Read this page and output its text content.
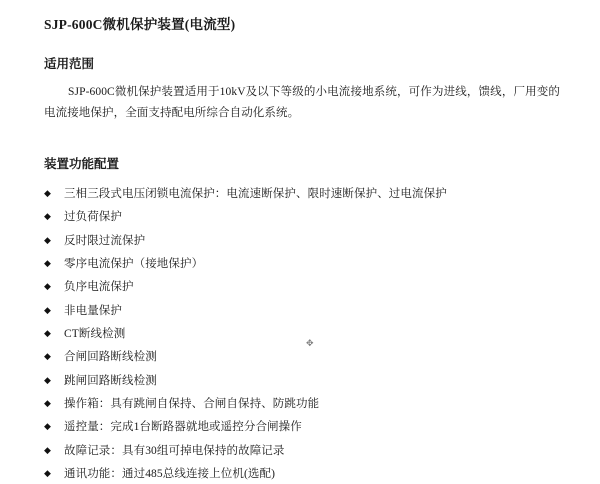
SJP-600C微机保护装置(电流型)
适用范围

SJP-600C微机保护装置适用于10kV及以下等级的小电流接地系统，可作为进线，馈线，厂用变的电流接地保护，全面支持配电所综合自动化系统。

装置功能配置
◆	三相三段式电压闭锁电流保护：电流速断保护、限时速断保护、过电流保护
◆	过负荷保护
◆	反时限过流保护
◆	零序电流保护（接地保护）
◆	负序电流保护
◆	非电量保护
◆	CT断线检测
◆	合闸回路断线检测
◆	跳闸回路断线检测
◆	操作箱：具有跳闸自保持、合闸自保持、防跳功能
◆	遥控量：完成1台断路器就地或遥控分合闸操作
◆	故障记录：具有30组可掉电保持的故障记录
◆	通讯功能：通过485总线连接上位机(选配)
✥
